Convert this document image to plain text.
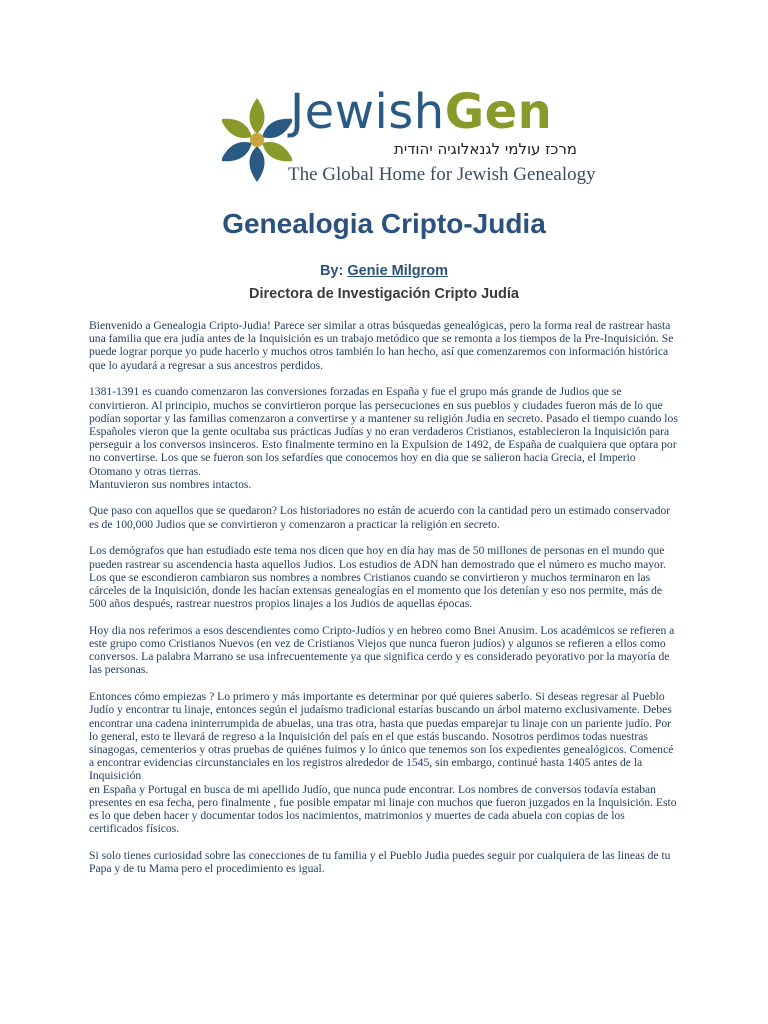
JewishGen
מרכז עולמי לגנאלוגיה יהודית
The Global Home for Jewish Genealogy
Genealogia Cripto-Judia
By: Genie Milgrom
Directora de Investigación Cripto Judía

Bienvenido a Genealogia Cripto-Judia! Parece ser similar a otras búsquedas genealógicas, pero la forma real de rastrear hasta una familia que era judía antes de la Inquisición es un trabajo metódico que se remonta a los tiempos de la Pre-Inquisición. Se puede lograr porque yo pude hacerlo y muchos otros también lo han hecho, así que comenzaremos con información histórica que lo ayudará a regresar a sus ancestros perdidos.

1381-1391 es cuando comenzaron las conversiones forzadas en España y fue el grupo más grande de Judios que se convirtieron. Al principio, muchos se convirtieron porque las persecuciones en sus pueblos y ciudades fueron más de lo que podían soportar y las familias comenzaron a convertirse y a mantener su religión Judia en secreto. Pasado el tiempo cuando los Españoles vieron que la gente ocultaba sus prácticas Judías y no eran verdaderos Cristianos, establecieron la Inquisición para perseguir a los conversos insinceros. Esto finalmente termino en la Expulsion de 1492, de España de cualquiera que optara por no convertirse. Los que se fueron son los sefardíes que conocemos hoy en dia que se salieron hacia Grecia, el Imperio Otomano y otras tierras.

Mantuvieron sus nombres intactos.

Que paso con aquellos que se quedaron? Los historiadores no están de acuerdo con la cantidad pero un estimado conservador es de 100,000 Judios que se convirtieron y comenzaron a practicar la religión en secreto.

Los demógrafos que han estudiado este tema nos dicen que hoy en día hay mas de 50 millones de personas en el mundo que pueden rastrear su ascendencia hasta aquellos Judios. Los estudios de ADN han demostrado que el número es mucho mayor. Los que se escondieron cambiaron sus nombres a nombres Cristianos cuando se convirtieron y muchos terminaron en las cárceles de la Inquisición, donde les hacían extensas genealogías en el momento que los detenían y eso nos permite, más de 500 años después, rastrear nuestros propios linajes a los Judios de aquellas épocas.

Hoy dia nos referimos a esos descendientes como Cripto-Judíos y en hebreo como Bnei Anusim. Los académicos se refieren a este grupo como Cristianos Nuevos (en vez de Cristianos Viejos que nunca fueron judíos) y algunos se refieren a ellos como conversos. La palabra Marrano se usa infrecuentemente ya que significa cerdo y es considerado peyorativo por la mayoría de las personas.

Entonces cómo empiezas ? Lo primero y más importante es determinar por qué quieres saberlo. Si deseas regresar al Pueblo Judío y encontrar tu linaje, entonces según el judaísmo tradicional estarías buscando un árbol materno exclusivamente. Debes encontrar una cadena ininterrumpida de abuelas, una tras otra, hasta que puedas emparejar tu linaje con un pariente judío. Por lo general, esto te llevará de regreso a la Inquisición del país en el que estás buscando. Nosotros perdimos todas nuestras sinagogas, cementerios y otras pruebas de quiénes fuimos y lo único que tenemos son los expedientes genealógicos. Comencé a encontrar evidencias circunstanciales en los registros alrededor de 1545, sin embargo, continué hasta 1405 antes de la Inquisición

en España y Portugal en busca de mi apellido Judío, que nunca pude encontrar. Los nombres de conversos todavía estaban presentes en esa fecha, pero finalmente , fue posible empatar mi linaje con muchos que fueron juzgados en la Inquisición. Esto es lo que deben hacer y documentar todos los nacimientos, matrimonios y muertes de cada abuela con copias de los certificados físicos.

Si solo tienes curiosidad sobre las conecciones de tu familia y el Pueblo Judia puedes seguir por cualquiera de las lineas de tu Papa y de tu Mama pero el procedimiento es igual.
